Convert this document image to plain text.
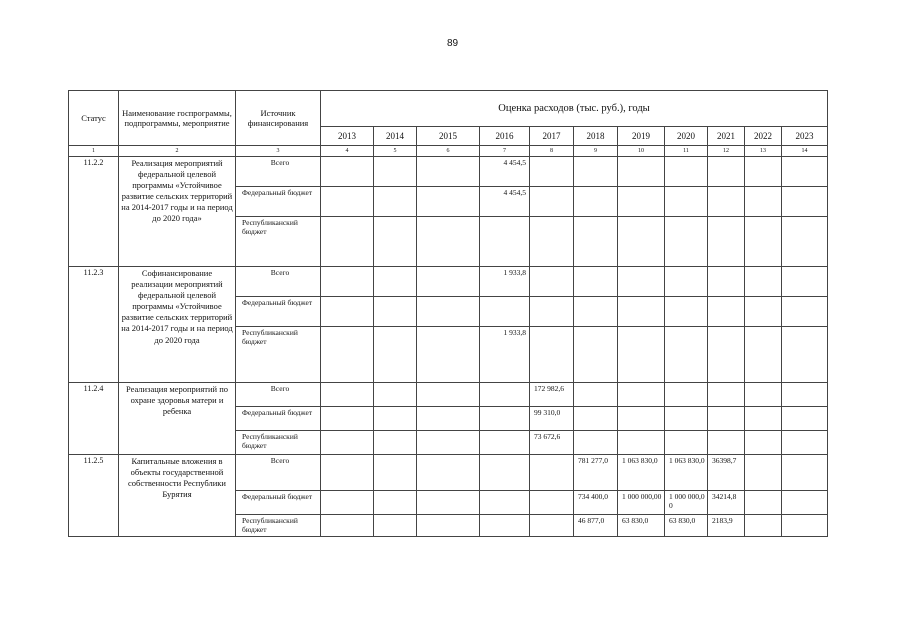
89
Статус	Наименование госпрограммы, подпрограммы, мероприятие	Источник финансирования	Оценка расходов (тыс. руб.), годы										
			2013	2014	2015	2016	2017	2018	2019	2020	2021	2022	2023
1	2	3	4	5	6	7	8	9	10	11	12	13	14
11.2.2	Реализация мероприятий федеральной целевой программы «Устойчивое развитие сельских территорий на 2014-2017 годы и на период до 2020 года»	Всего				4 454,5							
		Федеральный бюджет				4 454,5							
		Республиканский бюджет											
11.2.3	Софинансирование реализации мероприятий федеральной целевой программы «Устойчивое развитие сельских территорий на 2014-2017 годы и на период до 2020 года	Всего				1 933,8							
		Федеральный бюджет											
		Республиканский бюджет				1 933,8							
11.2.4	Реализация мероприятий по охране здоровья матери и ребенка	Всего					172 982,6						
		Федеральный бюджет					99 310,0						
		Республиканский бюджет					73 672,6						
11.2.5	Капитальные вложения в объекты государственной собственности Республики Бурятия	Всего						781 277,0	1 063 830,0	1 063 830,0	36398,7		
		Федеральный бюджет						734 400,0	1 000 000,00	1 000 000,00	34214,8		
		Республиканский бюджет						46 877,0	63 830,0	63 830,0	2183,9		
